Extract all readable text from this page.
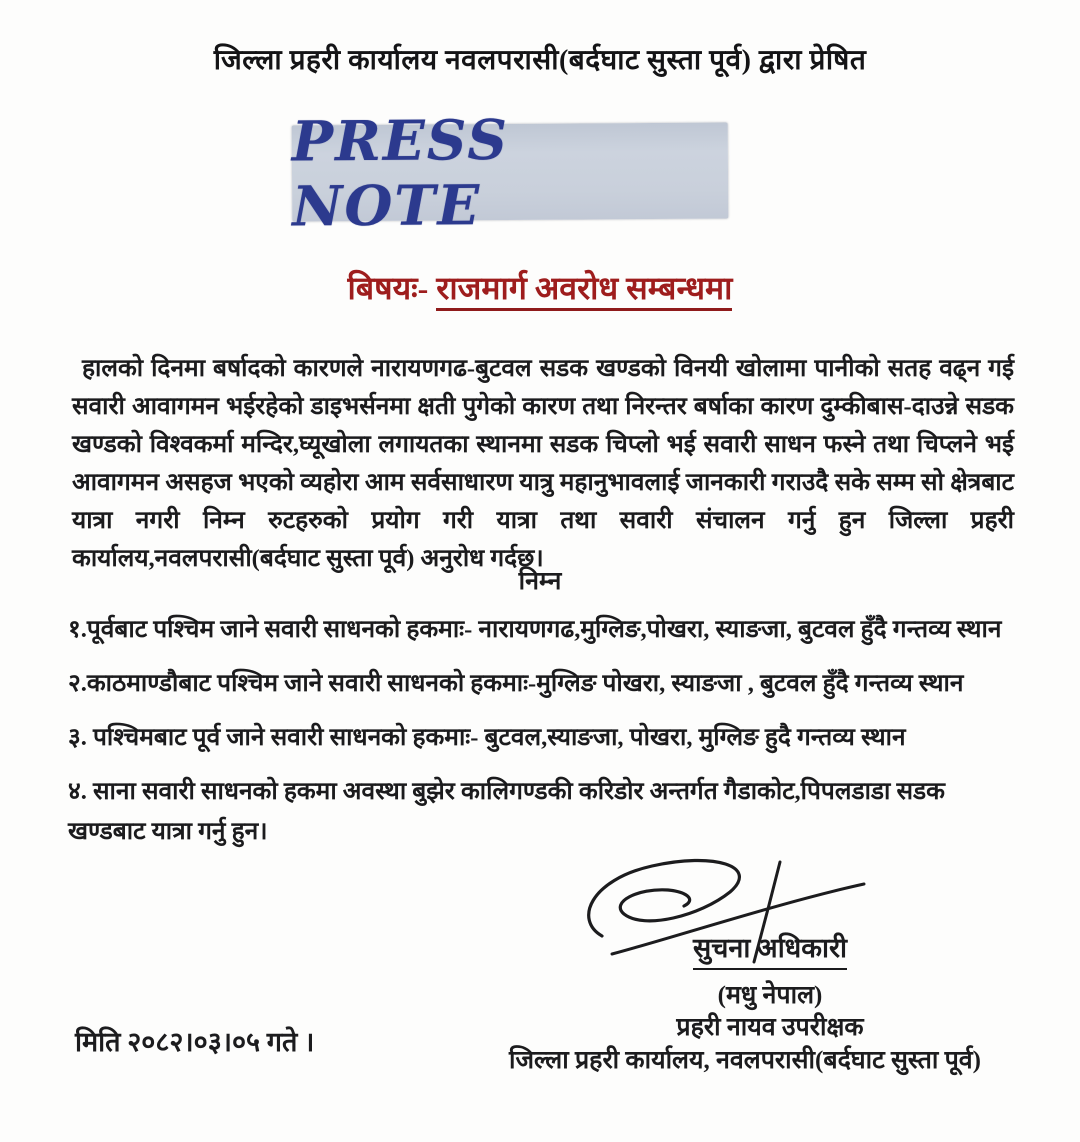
जिल्ला प्रहरी कार्यालय नवलपरासी(बर्दघाट सुस्ता पूर्व) द्वारा प्रेषित
PRESS NOTE
बिषयः- राजमार्ग अवरोध सम्बन्धमा
हालको दिनमा बर्षादको कारणले नारायणगढ-बुटवल सडक खण्डको विनयी खोलामा पानीको सतह वढ्न गई सवारी आवागमन भईरहेको डाइभर्सनमा क्षती पुगेको कारण तथा निरन्तर बर्षाका कारण दुम्कीबास-दाउन्ने सडक खण्डको विश्वकर्मा मन्दिर,घ्यूखोला लगायतका स्थानमा सडक चिप्लो भई सवारी साधन फस्ने तथा चिप्लने भई आवागमन असहज भएको व्यहोरा आम सर्वसाधारण यात्रु महानुभावलाई जानकारी गराउदै सके सम्म सो क्षेत्रबाट यात्रा नगरी निम्न रुटहरुको प्रयोग गरी यात्रा तथा सवारी संचालन गर्नु हुन जिल्ला प्रहरी कार्यालय,नवलपरासी(बर्दघाट सुस्ता पूर्व) अनुरोध गर्दछ।
निम्न
१.पूर्वबाट पश्चिम जाने सवारी साधनको हकमाः- नारायणगढ,मुग्लिङ,पोखरा, स्याङजा, बुटवल हुँदै गन्तव्य स्थान
२.काठमाण्डौबाट पश्चिम जाने सवारी साधनको हकमाः-मुग्लिङ पोखरा, स्याङजा , बुटवल हुँदै गन्तव्य स्थान
३. पश्चिमबाट पूर्व जाने सवारी साधनको हकमाः- बुटवल,स्याङजा, पोखरा, मुग्लिङ हुदै गन्तव्य स्थान
४. साना सवारी साधनको हकमा अवस्था बुझेर कालिगण्डकी करिडोर अन्तर्गत गैडाकोट,पिपलडाडा सडक खण्डबाट यात्रा गर्नु हुन।
सुचना अधिकारी
(मधु नेपाल)
प्रहरी नायव उपरीक्षक
जिल्ला प्रहरी कार्यालय, नवलपरासी(बर्दघाट सुस्ता पूर्व)
मिति २०८२।०३।०५ गते ।
